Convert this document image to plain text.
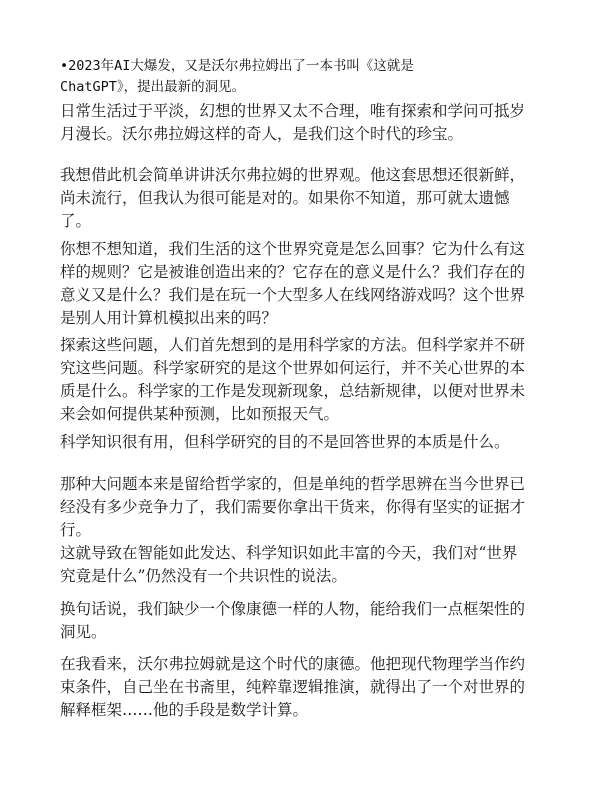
•2023年AI大爆发，又是沃尔弗拉姆出了一本书叫《这就是
ChatGPT》，提出最新的洞见。
日常生活过于平淡，幻想的世界又太不合理，唯有探索和学问可抵岁
月漫长。沃尔弗拉姆这样的奇人，是我们这个时代的珍宝。
我想借此机会简单讲讲沃尔弗拉姆的世界观。他这套思想还很新鲜，
尚未流行，但我认为很可能是对的。如果你不知道，那可就太遗憾
了。
你想不想知道，我们生活的这个世界究竟是怎么回事？它为什么有这
样的规则？它是被谁创造出来的？它存在的意义是什么？我们存在的
意义又是什么？我们是在玩一个大型多人在线网络游戏吗？这个世界
是别人用计算机模拟出来的吗？
探索这些问题，人们首先想到的是用科学家的方法。但科学家并不研
究这些问题。科学家研究的是这个世界如何运行，并不关心世界的本
质是什么。科学家的工作是发现新现象，总结新规律，以便对世界未
来会如何提供某种预测，比如预报天气。
科学知识很有用，但科学研究的目的不是回答世界的本质是什么。
那种大问题本来是留给哲学家的，但是单纯的哲学思辨在当今世界已
经没有多少竞争力了，我们需要你拿出干货来，你得有坚实的证据才
行。
这就导致在智能如此发达、科学知识如此丰富的今天，我们对“世界
究竟是什么”仍然没有一个共识性的说法。
换句话说，我们缺少一个像康德一样的人物，能给我们一点框架性的
洞见。
在我看来，沃尔弗拉姆就是这个时代的康德。他把现代物理学当作约
束条件，自己坐在书斋里，纯粹靠逻辑推演，就得出了一个对世界的
解释框架……他的手段是数学计算。
